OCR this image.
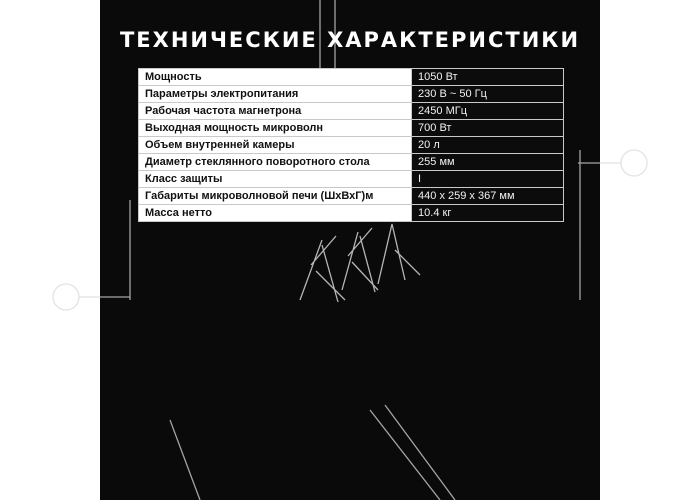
ТЕХНИЧЕСКИЕ ХАРАКТЕРИСТИКИ
Мощность	1050 Вт
Параметры электропитания	230 В ~ 50 Гц
Рабочая частота магнетрона	2450 МГц
Выходная мощность микроволн	700 Вт
Объем внутренней камеры	20 л
Диаметр стеклянного поворотного стола	255 мм
Класс защиты	I
Габариты микроволновой печи (ШхВхГ)м	440 x 259 x 367 мм
Масса нетто	10.4 кг
